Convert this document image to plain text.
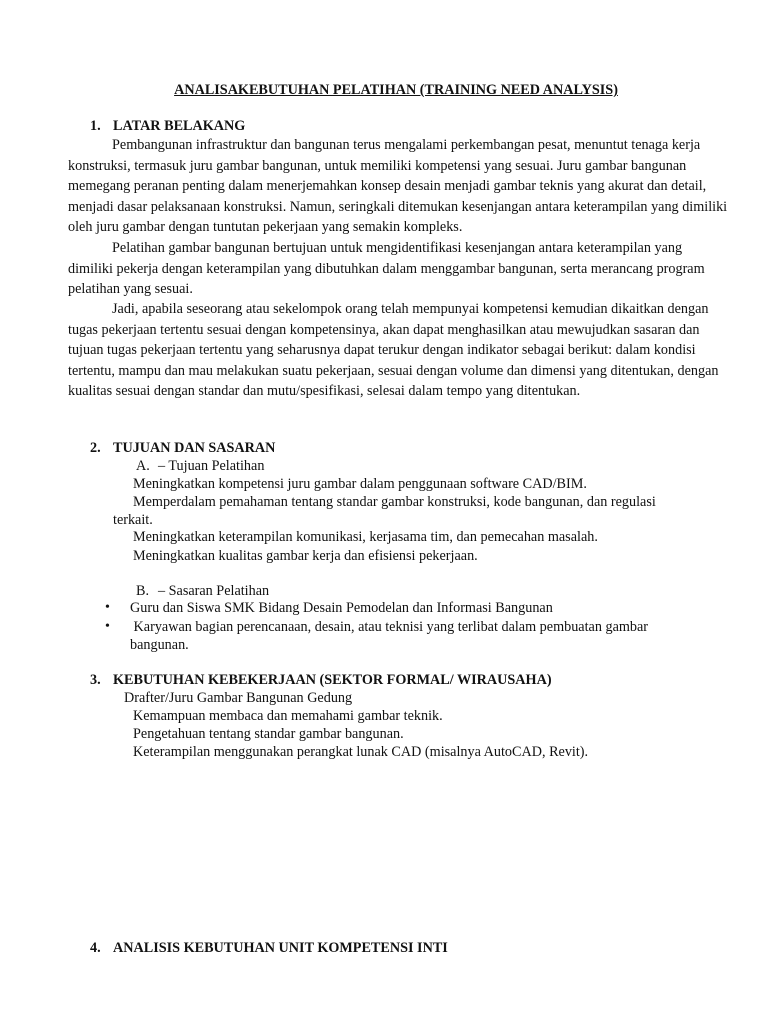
ANALISAKEBUTUHAN PELATIHAN (TRAINING NEED ANALYSIS)
1. LATAR BELAKANG

Pembangunan infrastruktur dan bangunan terus mengalami perkembangan pesat, menuntut tenaga kerja konstruksi, termasuk juru gambar bangunan, untuk memiliki kompetensi yang sesuai. Juru gambar bangunan memegang peranan penting dalam menerjemahkan konsep desain menjadi gambar teknis yang akurat dan detail, menjadi dasar pelaksanaan konstruksi. Namun, seringkali ditemukan kesenjangan antara keterampilan yang dimiliki oleh juru gambar dengan tuntutan pekerjaan yang semakin kompleks.

Pelatihan gambar bangunan bertujuan untuk mengidentifikasi kesenjangan antara keterampilan yang dimiliki pekerja dengan keterampilan yang dibutuhkan dalam menggambar bangunan, serta merancang program pelatihan yang sesuai.

Jadi, apabila seseorang atau sekelompok orang telah mempunyai kompetensi kemudian dikaitkan dengan tugas pekerjaan tertentu sesuai dengan kompetensinya, akan dapat menghasilkan atau mewujudkan sasaran dan tujuan tugas pekerjaan tertentu yang seharusnya dapat terukur dengan indikator sebagai berikut: dalam kondisi tertentu, mampu dan mau melakukan suatu pekerjaan, sesuai dengan volume dan dimensi yang ditentukan, dengan kualitas sesuai dengan standar dan mutu/spesifikasi, selesai dalam tempo yang ditentukan.

2. TUJUAN DAN SASARAN
A. – Tujuan Pelatihan
Meningkatkan kompetensi juru gambar dalam penggunaan software CAD/BIM.
Memperdalam pemahaman tentang standar gambar konstruksi, kode bangunan, dan regulasi
terkait.
Meningkatkan keterampilan komunikasi, kerjasama tim, dan pemecahan masalah.
Meningkatkan kualitas gambar kerja dan efisiensi pekerjaan.
B. – Sasaran Pelatihan
• Guru dan Siswa SMK Bidang Desain Pemodelan dan Informasi Bangunan
• Karyawan bagian perencanaan, desain, atau teknisi yang terlibat dalam pembuatan gambar
bangunan.
3. KEBUTUHAN KEBEKERJAAN (SEKTOR FORMAL/ WIRAUSAHA)
Drafter/Juru Gambar Bangunan Gedung
Kemampuan membaca dan memahami gambar teknik.
Pengetahuan tentang standar gambar bangunan.
Keterampilan menggunakan perangkat lunak CAD (misalnya AutoCAD, Revit).
4. ANALISIS KEBUTUHAN UNIT KOMPETENSI INTI
